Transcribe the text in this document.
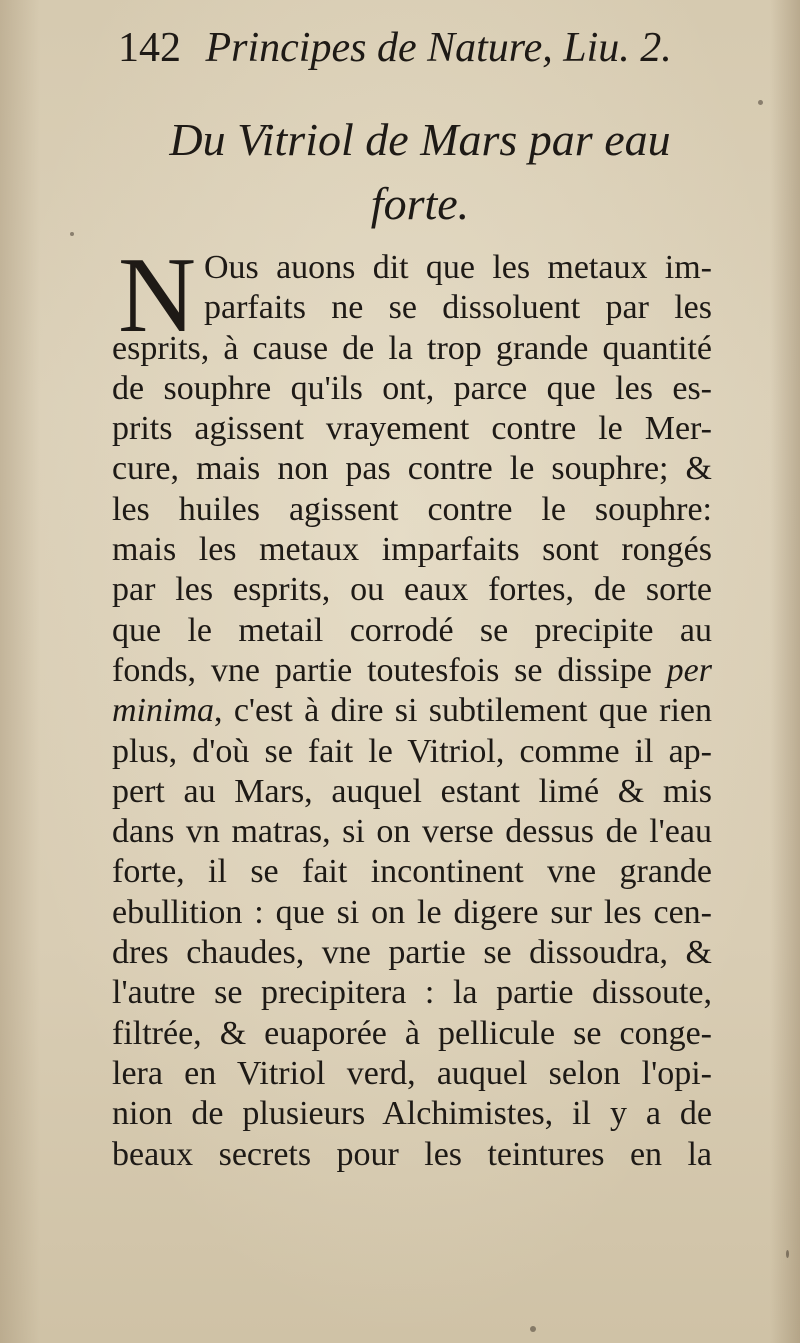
142 Principes de Nature, Liu. 2.
Du Vitriol de Mars par eau
forte.
N Ous auons dit que les metaux im-
parfaits ne se dissoluent par les
esprits, à cause de la trop grande quantité
de souphre qu'ils ont, parce que les es-
prits agissent vrayement contre le Mer-
cure, mais non pas contre le souphre; &
les huiles agissent contre le souphre:
mais les metaux imparfaits sont rongés
par les esprits, ou eaux fortes, de sorte
que le metail corrodé se precipite au
fonds, vne partie toutesfois se dissipe per
minima, c'est à dire si subtilement que rien
plus, d'où se fait le Vitriol, comme il ap-
pert au Mars, auquel estant limé & mis
dans vn matras, si on verse dessus de l'eau
forte, il se fait incontinent vne grande
ebullition : que si on le digere sur les cen-
dres chaudes, vne partie se dissoudra, &
l'autre se precipitera : la partie dissoute,
filtrée, & euaporée à pellicule se conge-
lera en Vitriol verd, auquel selon l'opi-
nion de plusieurs Alchimistes, il y a de
beaux secrets pour les teintures en la
